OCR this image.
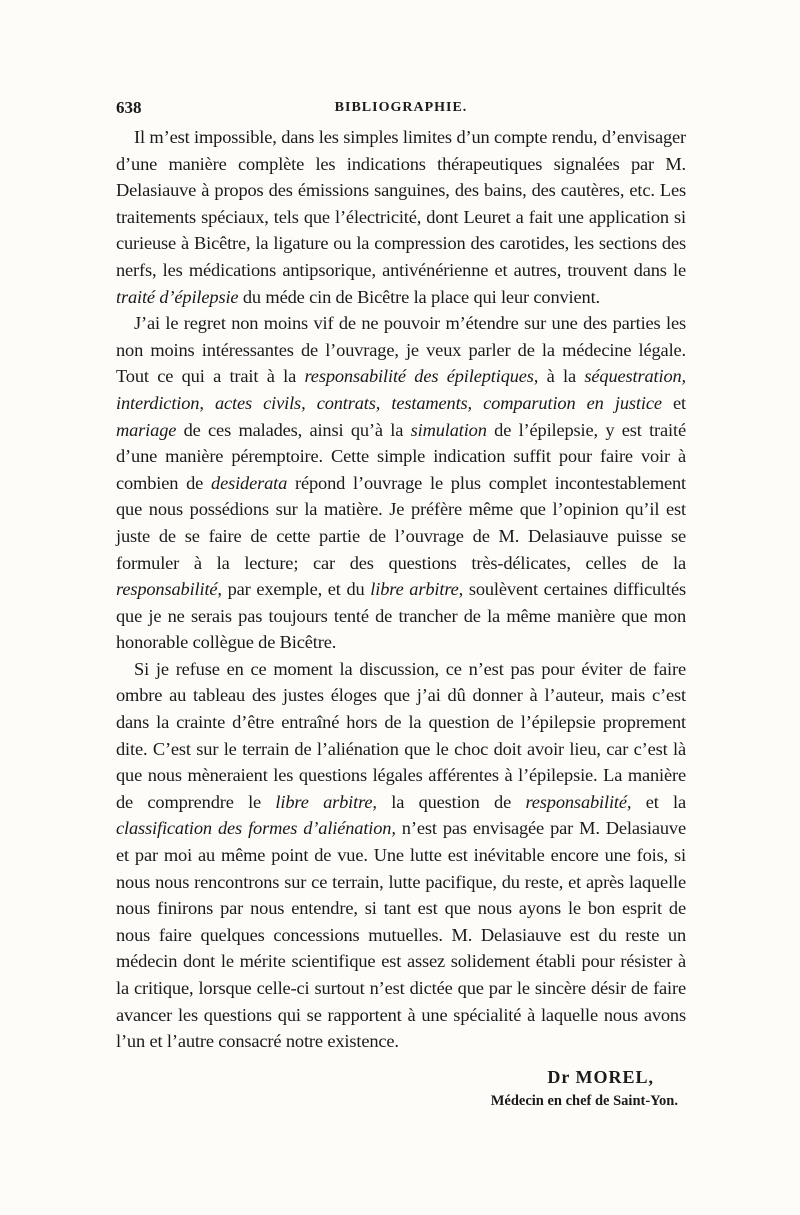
638	BIBLIOGRAPHIE.

Il m’est impossible, dans les simples limites d’un compte rendu, d’envisager d’une manière complète les indications thérapeutiques signalées par M. Delasiauve à propos des émissions sanguines, des bains, des cautères, etc. Les traitements spéciaux, tels que l’électricité, dont Leuret a fait une application si curieuse à Bicêtre, la ligature ou la compression des carotides, les sections des nerfs, les médications antipsorique, antivénérienne et autres, trouvent dans le traité d’épilepsie du méde cin de Bicêtre la place qui leur convient.

J’ai le regret non moins vif de ne pouvoir m’étendre sur une des parties les non moins intéressantes de l’ouvrage, je veux parler de la médecine légale. Tout ce qui a trait à la responsabilité des épileptiques, à la séquestration, interdiction, actes civils, contrats, testaments, comparution en justice et mariage de ces malades, ainsi qu’à la simulation de l’épilepsie, y est traité d’une manière péremptoire. Cette simple indication suffit pour faire voir à combien de desiderata répond l’ouvrage le plus complet incontestablement que nous possédions sur la matière. Je préfère même que l’opinion qu’il est juste de se faire de cette partie de l’ouvrage de M. Delasiauve puisse se formuler à la lecture; car des questions très-délicates, celles de la responsabilité, par exemple, et du libre arbitre, soulèvent certaines difficultés que je ne serais pas toujours tenté de trancher de la même manière que mon honorable collègue de Bicêtre.

Si je refuse en ce moment la discussion, ce n’est pas pour éviter de faire ombre au tableau des justes éloges que j’ai dû donner à l’auteur, mais c’est dans la crainte d’être entraîné hors de la question de l’épilepsie proprement dite. C’est sur le terrain de l’aliénation que le choc doit avoir lieu, car c’est là que nous mèneraient les questions légales afférentes à l’épilepsie. La manière de comprendre le libre arbitre, la question de responsabilité, et la classification des formes d’aliénation, n’est pas envisagée par M. Delasiauve et par moi au même point de vue. Une lutte est inévitable encore une fois, si nous nous rencontrons sur ce terrain, lutte pacifique, du reste, et après laquelle nous finirons par nous entendre, si tant est que nous ayons le bon esprit de nous faire quelques concessions mutuelles. M. Delasiauve est du reste un médecin dont le mérite scientifique est assez solidement établi pour résister à la critique, lorsque celle-ci surtout n’est dictée que par le sincère désir de faire avancer les questions qui se rapportent à une spécialité à laquelle nous avons l’un et l’autre consacré notre existence.

Dr MOREL,
Médecin en chef de Saint-Yon.
